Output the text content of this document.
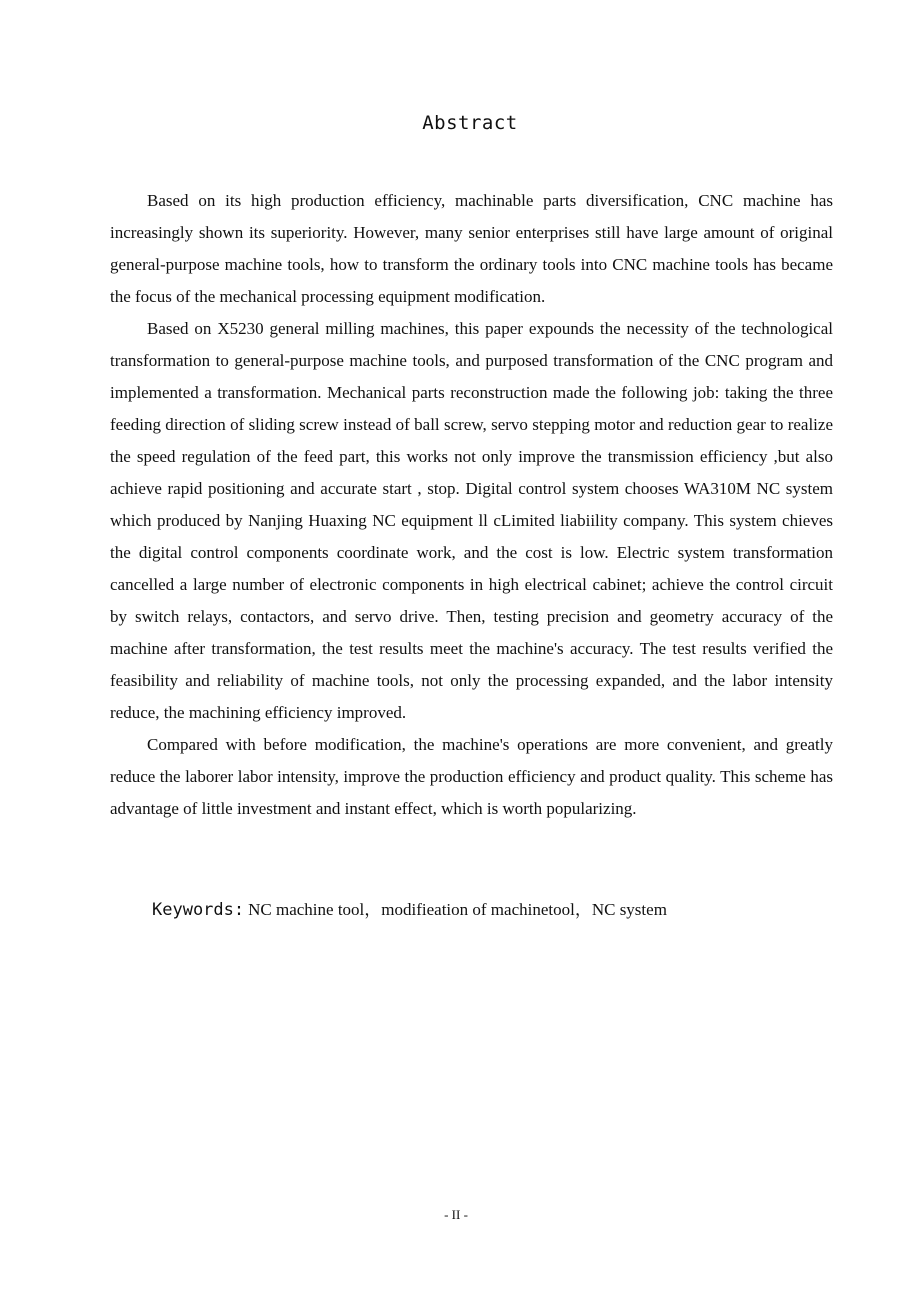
Abstract

Based on its high production efficiency, machinable parts diversification, CNC machine has increasingly shown its superiority. However, many senior enterprises still have large amount of original general-purpose machine tools, how to transform the ordinary tools into CNC machine tools has became the focus of the mechanical processing equipment modification.

Based on X5230 general milling machines, this paper expounds the necessity of the technological transformation to general-purpose machine tools, and purposed transformation of the CNC program and implemented a transformation. Mechanical parts reconstruction made the following job: taking the three feeding direction of sliding screw instead of ball screw, servo stepping motor and reduction gear to realize the speed regulation of the feed part, this works not only improve the transmission efficiency ,but also achieve rapid positioning and accurate start , stop. Digital control system chooses WA310M NC system which produced by Nanjing Huaxing NC equipment ll cLimited liabiility company. This system chieves the digital control components coordinate work, and the cost is low. Electric system transformation cancelled a large number of electronic components in high electrical cabinet; achieve the control circuit by switch relays, contactors, and servo drive. Then, testing precision and geometry accuracy of the machine after transformation, the test results meet the machine's accuracy. The test results verified the feasibility and reliability of machine tools, not only the processing expanded, and the labor intensity reduce, the machining efficiency improved.

Compared with before modification, the machine's operations are more convenient, and greatly reduce the laborer labor intensity, improve the production efficiency and product quality. This scheme has advantage of little investment and instant effect, which is worth popularizing.

Keywords: NC machine tool，modifieation of machinetool，NC system
- II -
